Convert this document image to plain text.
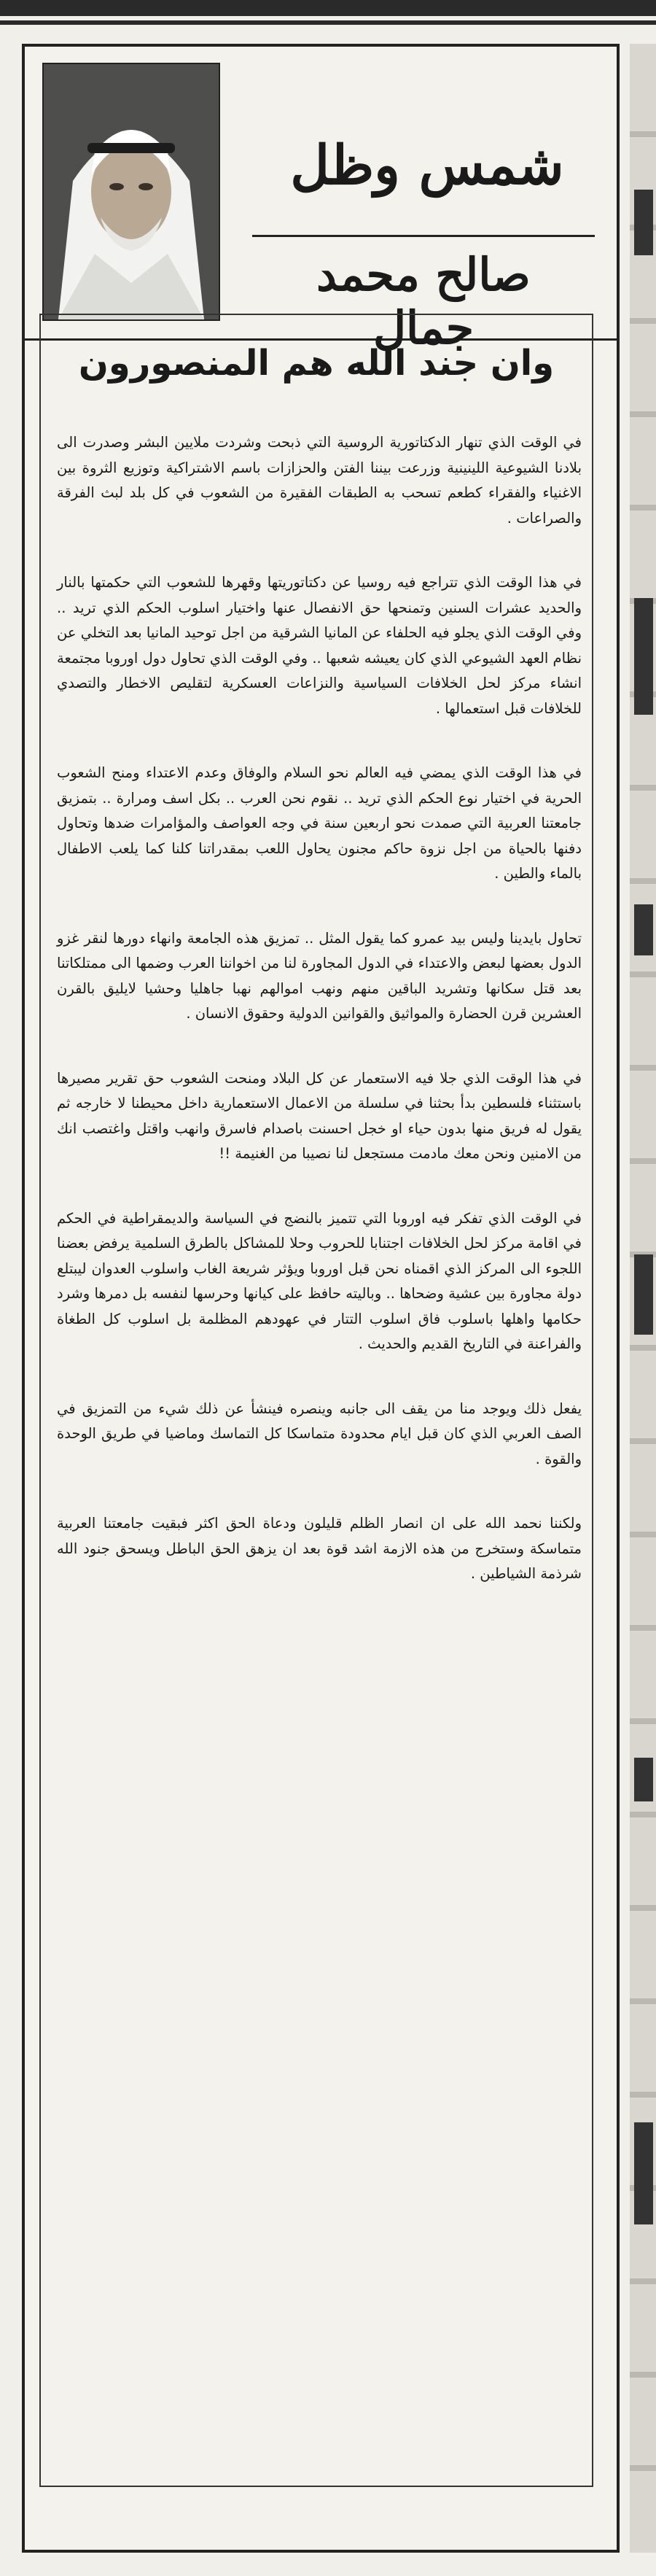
شمس وظل
صالح محمد جمال
وان جند الله هم المنصورون

في الوقت الذي تنهار الدكتاتورية الروسية التي ذبحت وشردت ملايين البشر وصدرت الى بلادنا الشيوعية اللينينية وزرعت بيننا الفتن والحزازات باسم الاشتراكية وتوزيع الثروة بين الاغنياء والفقراء كطعم تسحب به الطبقات الفقيرة من الشعوب في كل بلد لبث الفرقة والصراعات .

في هذا الوقت الذي تتراجع فيه روسيا عن دكتاتوريتها وقهرها للشعوب التي حكمتها بالنار والحديد عشرات السنين وتمنحها حق الانفصال عنها واختيار اسلوب الحكم الذي تريد .. وفي الوقت الذي يجلو فيه الحلفاء عن المانيا الشرقية من اجل توحيد المانيا بعد التخلي عن نظام العهد الشيوعي الذي كان يعيشه شعبها .. وفي الوقت الذي تحاول دول اوروبا مجتمعة انشاء مركز لحل الخلافات السياسية والنزاعات العسكرية لتقليص الاخطار والتصدي للخلافات قبل استعمالها .

في هذا الوقت الذي يمضي فيه العالم نحو السلام والوفاق وعدم الاعتداء ومنح الشعوب الحرية في اختيار نوع الحكم الذي تريد .. نقوم نحن العرب .. بكل اسف ومرارة .. بتمزيق جامعتنا العربية التي صمدت نحو اربعين سنة في وجه العواصف والمؤامرات ضدها وتحاول دفنها بالحياة من اجل نزوة حاكم مجنون يحاول اللعب بمقدراتنا كلنا كما يلعب الاطفال بالماء والطين .

تحاول بايدينا وليس بيد عمرو كما يقول المثل .. تمزيق هذه الجامعة وانهاء دورها لنقر غزو الدول بعضها لبعض والاعتداء في الدول المجاورة لنا من اخواننا العرب وضمها الى ممتلكاتنا بعد قتل سكانها وتشريد الباقين منهم ونهب اموالهم نهبا جاهليا وحشيا لايليق بالقرن العشرين قرن الحضارة والمواثيق والقوانين الدولية وحقوق الانسان .

في هذا الوقت الذي جلا فيه الاستعمار عن كل البلاد ومنحت الشعوب حق تقرير مصيرها باستثناء فلسطين بدأ بحثنا في سلسلة من الاعمال الاستعمارية داخل محيطنا لا خارجه ثم يقول له فريق منها بدون حياء او خجل احسنت باصدام فاسرق وانهب واقتل واغتصب انك من الامنين ونحن معك مادمت مستجعل لنا نصيبا من الغنيمة !!

في الوقت الذي تفكر فيه اوروبا التي تتميز بالنضج في السياسة والديمقراطية في الحكم في اقامة مركز لحل الخلافات اجتنابا للحروب وحلا للمشاكل بالطرق السلمية يرفض بعضنا اللجوء الى المركز الذي اقمناه نحن قبل اوروبا ويؤثر شريعة الغاب واسلوب العدوان ليبتلع دولة مجاورة بين عشية وضحاها .. وباليته حافظ على كيانها وحرسها لنفسه بل دمرها وشرد حكامها واهلها باسلوب فاق اسلوب التتار في عهودهم المظلمة بل اسلوب كل الطغاة والفراعنة في التاريخ القديم والحديث .

يفعل ذلك ويوجد منا من يقف الى جانبه وينصره فينشأ عن ذلك شيء من التمزيق في الصف العربي الذي كان قبل ايام محدودة متماسكا كل التماسك وماضيا في طريق الوحدة والقوة .

ولكننا نحمد الله على ان انصار الظلم قليلون ودعاة الحق اكثر فبقيت جامعتنا العربية متماسكة وستخرج من هذه الازمة اشد قوة بعد ان يزهق الحق الباطل ويسحق جنود الله شرذمة الشياطين .
